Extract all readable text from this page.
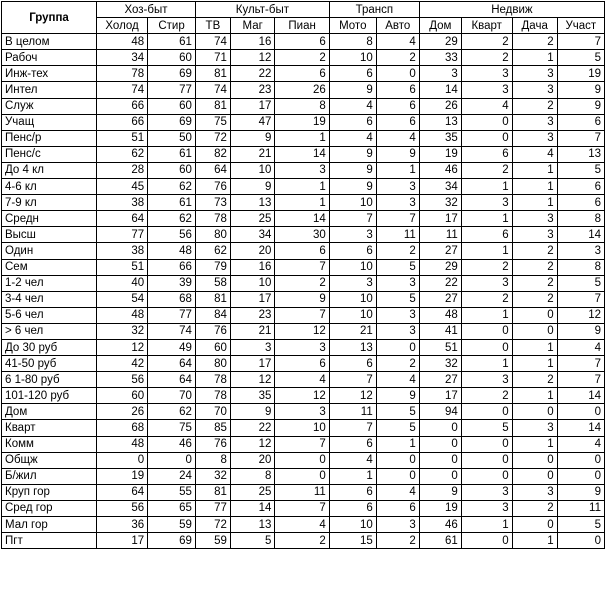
Группа	Хоз-быт		Культ-быт			Трансп		Недвиж			
	Холод	Стир	ТВ	Маг	Пиан	Мото	Авто	Дом	Кварт	Дача	Участ
В целом	48	61	74	16	6	8	4	29	2	2	7
Рабоч	34	60	71	12	2	10	2	33	2	1	5
Инж-тех	78	69	81	22	6	6	0	3	3	3	19
Интел	74	77	74	23	26	9	6	14	3	3	9
Служ	66	60	81	17	8	4	6	26	4	2	9
Учащ	66	69	75	47	19	6	6	13	0	3	6
Пенс/р	51	50	72	9	1	4	4	35	0	3	7
Пенс/с	62	61	82	21	14	9	9	19	6	4	13
До 4 кл	28	60	64	10	3	9	1	46	2	1	5
4-6 кл	45	62	76	9	1	9	3	34	1	1	6
7-9 кл	38	61	73	13	1	10	3	32	3	1	6
Средн	64	62	78	25	14	7	7	17	1	3	8
Высш	77	56	80	34	30	3	11	11	6	3	14
Один	38	48	62	20	6	6	2	27	1	2	3
Сем	51	66	79	16	7	10	5	29	2	2	8
1-2 чел	40	39	58	10	2	3	3	22	3	2	5
3-4 чел	54	68	81	17	9	10	5	27	2	2	7
5-6 чел	48	77	84	23	7	10	3	48	1	0	12
> 6 чел	32	74	76	21	12	21	3	41	0	0	9
До 30 руб	12	49	60	3	3	13	0	51	0	1	4
41-50 руб	42	64	80	17	6	6	2	32	1	1	7
6 1-80 руб	56	64	78	12	4	7	4	27	3	2	7
101-120 руб	60	70	78	35	12	12	9	17	2	1	14
Дом	26	62	70	9	3	11	5	94	0	0	0
Кварт	68	75	85	22	10	7	5	0	5	3	14
Комм	48	46	76	12	7	6	1	0	0	1	4
Общж	0	0	8	20	0	4	0	0	0	0	0
Б/жил	19	24	32	8	0	1	0	0	0	0	0
Круп гор	64	55	81	25	11	6	4	9	3	3	9
Сред гор	56	65	77	14	7	6	6	19	3	2	11
Мал гор	36	59	72	13	4	10	3	46	1	0	5
Пгт	17	69	59	5	2	15	2	61	0	1	0
